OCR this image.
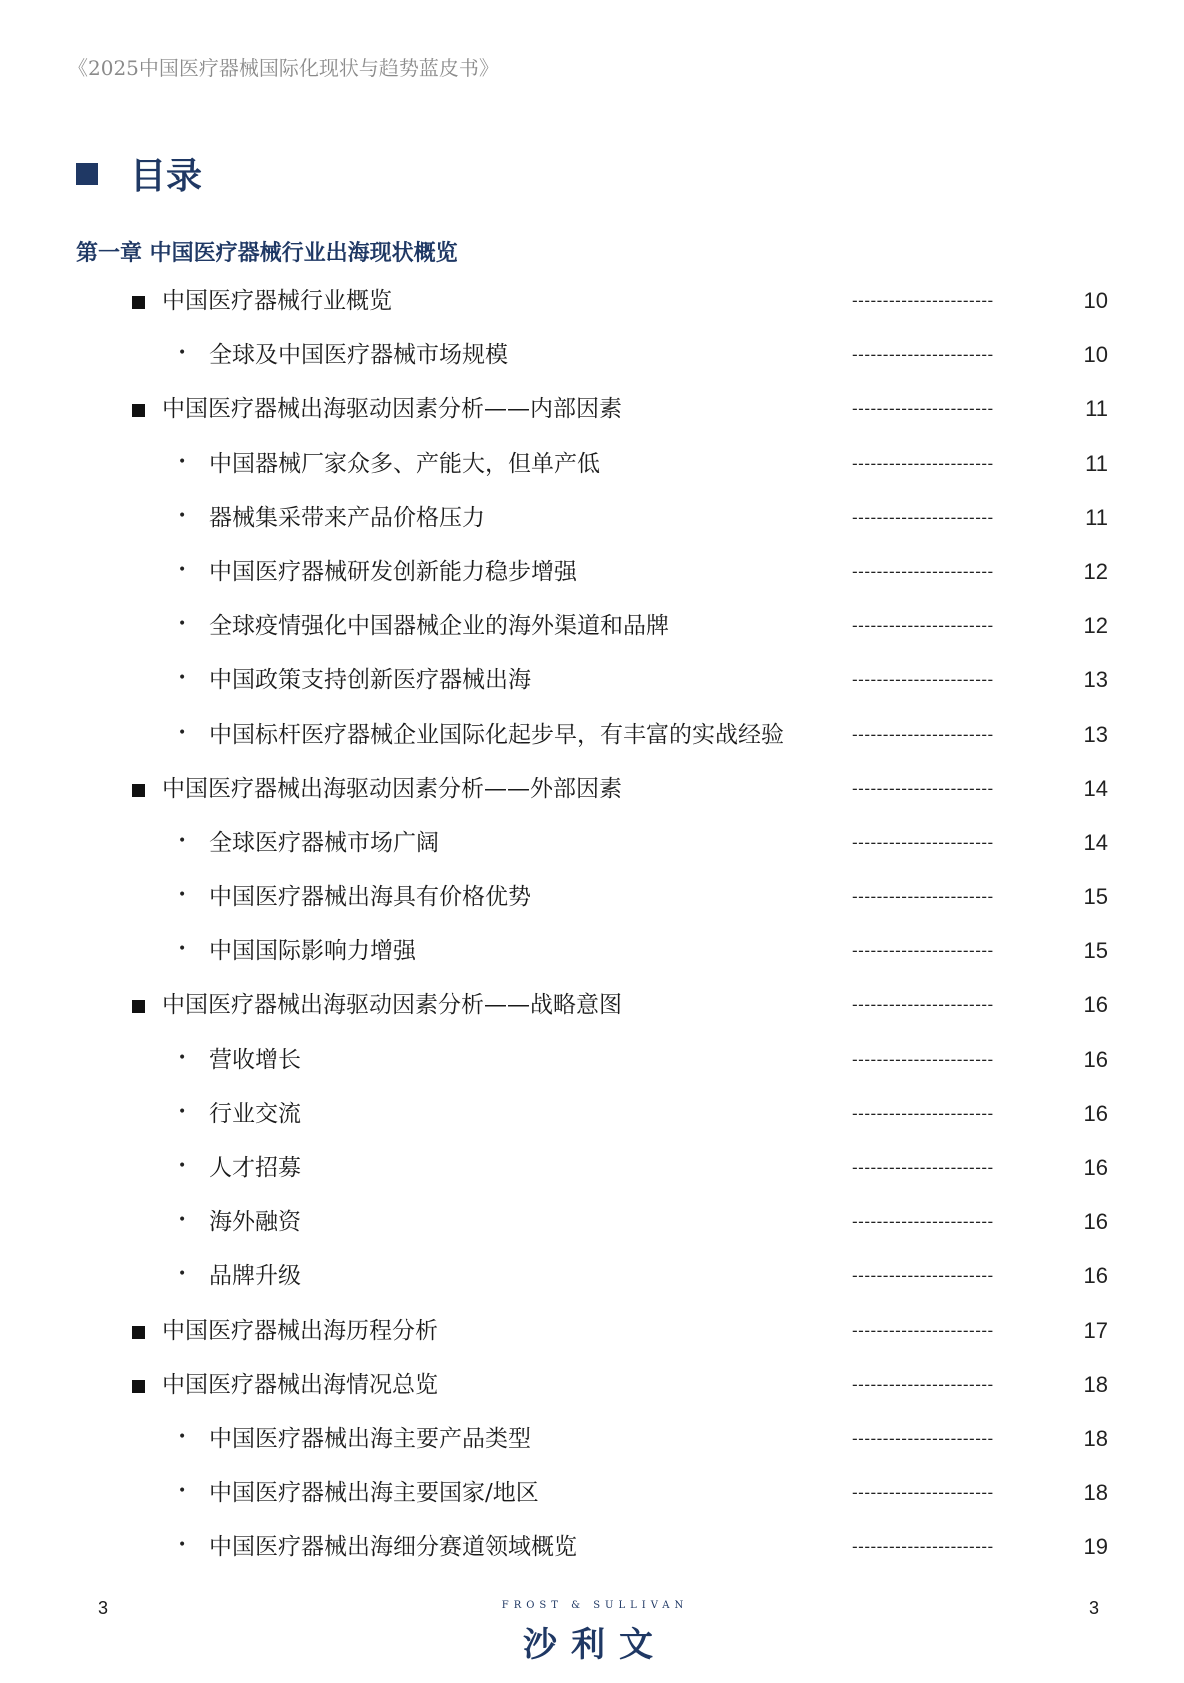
《2025中国医疗器械国际化现状与趋势蓝皮书》
目录
第一章 中国医疗器械行业出海现状概览
中国医疗器械行业概览	-----------------------	10
• 全球及中国医疗器械市场规模	-----------------------	10
中国医疗器械出海驱动因素分析——内部因素	-----------------------	11
• 中国器械厂家众多、产能大，但单产低	-----------------------	11
• 器械集采带来产品价格压力	-----------------------	11
• 中国医疗器械研发创新能力稳步增强	-----------------------	12
• 全球疫情强化中国器械企业的海外渠道和品牌	-----------------------	12
• 中国政策支持创新医疗器械出海	-----------------------	13
• 中国标杆医疗器械企业国际化起步早，有丰富的实战经验	-----------------------	13
中国医疗器械出海驱动因素分析——外部因素	-----------------------	14
• 全球医疗器械市场广阔	-----------------------	14
• 中国医疗器械出海具有价格优势	-----------------------	15
• 中国国际影响力增强	-----------------------	15
中国医疗器械出海驱动因素分析——战略意图	-----------------------	16
• 营收增长	-----------------------	16
• 行业交流	-----------------------	16
• 人才招募	-----------------------	16
• 海外融资	-----------------------	16
• 品牌升级	-----------------------	16
中国医疗器械出海历程分析	-----------------------	17
中国医疗器械出海情况总览	-----------------------	18
• 中国医疗器械出海主要产品类型	-----------------------	18
• 中国医疗器械出海主要国家/地区	-----------------------	18
• 中国医疗器械出海细分赛道领域概览	-----------------------	19
3	3
FROST & SULLIVAN
沙利文
